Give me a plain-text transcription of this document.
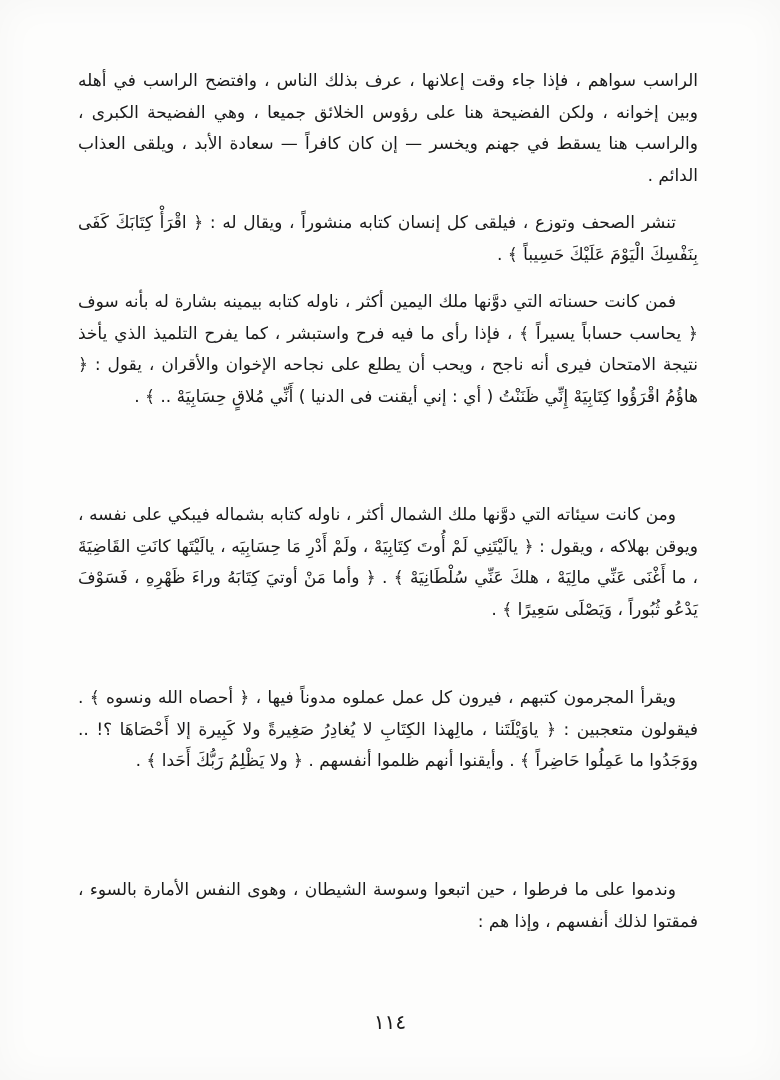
الراسب سواهم ، فإذا جاء وقت إعلانها ، عرف بذلك الناس ، وافتضح الراسب في أهله وبين إخوانه ، ولكن الفضيحة هنا على رؤوس الخلائق جميعا ، وهي الفضيحة الكبرى ، والراسب هنا يسقط في جهنم ويخسر — إن كان كافراً — سعادة الأبد ، ويلقى العذاب الدائم .

تنشر الصحف وتوزع ، فيلقى كل إنسان كتابه منشوراً ، ويقال له : ﴿ اقْرَأْ كِتَابَكَ كَفَى بِنَفْسِكَ الْيَوْمَ عَلَيْكَ حَسِيباً ﴾ .

فمن كانت حسناته التي دوَّنها ملك اليمين أكثر ، ناوله كتابه بيمينه بشارة له بأنه سوف ﴿ يحاسب حساباً يسيراً ﴾ ، فإذا رأى ما فيه فرح واستبشر ، كما يفرح التلميذ الذي يأخذ نتيجة الامتحان فيرى أنه ناجح ، ويحب أن يطلع على نجاحه الإخوان والأقران ، يقول : ﴿ هاؤُمُ اقْرَؤُوا كِتَابِيَهْ إِنِّي ظَنَنْتُ ( أي : إني أيقنت فى الدنيا ) أَنِّي مُلاقٍ حِسَابِيَهْ .. ﴾ .

ومن كانت سيئاته التي دوَّنها ملك الشمال أكثر ، ناوله كتابه بشماله فيبكي على نفسه ، ويوقن بهلاكه ، ويقول : ﴿ يالَيْتَنِي لَمْ أُوتَ كِتَابِيَهْ ، ولَمْ أَدْرِ مَا حِسَابِيَه ، يالَيْتَها كانَتِ القَاضِيَةَ ، ما أَغْنَى عَنِّي مالِيَهْ ، هلكَ عَنِّي سُلْطَانِيَهْ ﴾ . ﴿ وأما مَنْ أوتيَ كِتَابَهُ وراءَ ظَهْرِهِ ، فَسَوْفَ يَدْعُو ثُبُوراً ، وَيَصْلَى سَعِيرًا ﴾ .

ويقرأ المجرمون كتبهم ، فيرون كل عمل عملوه مدوناً فيها ، ﴿ أحصاه الله ونسوه ﴾ . فيقولون متعجبين : ﴿ ياوَيْلَتَنا ، مالِهذا الكِتَابِ لا يُغادِرُ صَغِيرةً ولا كَبِيرة إلا أَحْصَاهَا ؟! .. ووَجَدُوا ما عَمِلُوا حَاضِراً ﴾ . وأيقنوا أنهم ظلموا أنفسهم . ﴿ ولا يَظْلِمُ رَبُّكَ أَحَدا ﴾ .

وندموا على ما فرطوا ، حين اتبعوا وسوسة الشيطان ، وهوى النفس الأمارة بالسوء ، فمقتوا لذلك أنفسهم ، وإذا هم :

١١٤
